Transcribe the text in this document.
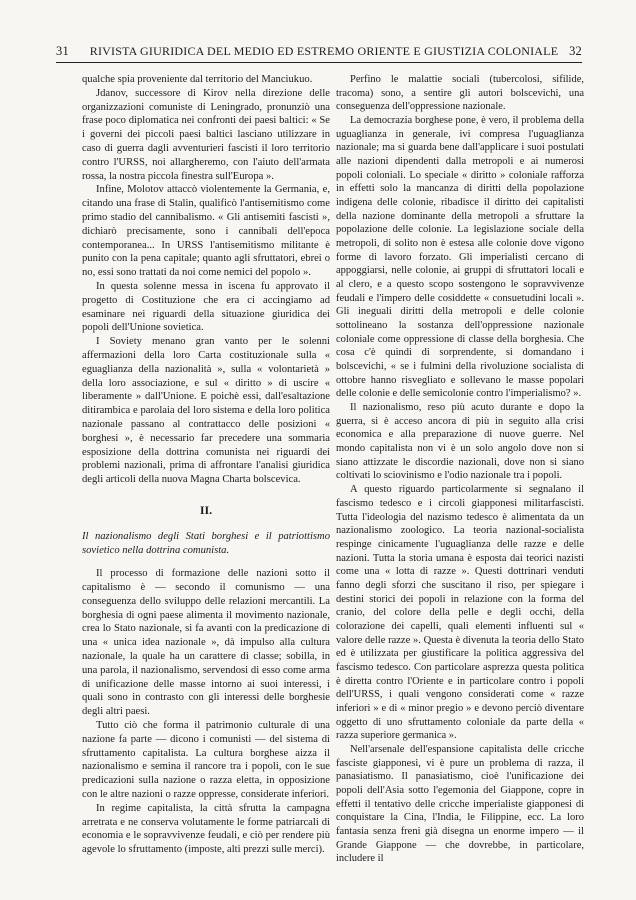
31 RIVISTA GIURIDICA DEL MEDIO ED ESTREMO ORIENTE E GIUSTIZIA COLONIALE 32

qualche spia proveniente dal territorio del Manciukuo.

Jdanov, successore di Kirov nella direzione delle organizzazioni comuniste di Leningrado, pronunziò una frase poco diplomatica nei confronti dei paesi baltici: « Se i governi dei piccoli paesi baltici lasciano utilizzare in caso di guerra dagli avventurieri fascisti il loro territorio contro l'URSS, noi allargheremo, con l'aiuto dell'armata rossa, la nostra piccola finestra sull'Europa ».

Infine, Molotov attaccò violentemente la Germania, e, citando una frase di Stalin, qualificò l'antisemitismo come primo stadio del cannibalismo. « Gli antisemiti fascisti », dichiarò precisamente, sono i cannibali dell'epoca contemporanea... In URSS l'antisemitismo militante è punito con la pena capitale; quanto agli sfruttatori, ebrei o no, essi sono trattati da noi come nemici del popolo ».

In questa solenne messa in iscena fu approvato il progetto di Costituzione che era ci accingiamo ad esaminare nei riguardi della situazione giuridica dei popoli dell'Unione sovietica.

I Soviety menano gran vanto per le solenni affermazioni della loro Carta costituzionale sulla « eguaglianza della nazionalità », sulla « volontarietà » della loro associazione, e sul « diritto » di uscire « liberamente » dall'Unione. E poichè essi, dall'esaltazione ditirambica e parolaia del loro sistema e della loro politica nazionale passano al contrattacco delle posizioni « borghesi », è necessario far precedere una sommaria esposizione della dottrina comunista nei riguardi dei problemi nazionali, prima di affrontare l'analisi giuridica degli articoli della nuova Magna Charta bolscevica.

II.

Il nazionalismo degli Stati borghesi e il patriottismo sovietico nella dottrina comunista.

Il processo di formazione delle nazioni sotto il capitalismo è — secondo il comunismo — una conseguenza dello sviluppo delle relazioni mercantili. La borghesia di ogni paese alimenta il movimento nazionale, crea lo Stato nazionale, si fa avanti con la predicazione di una « unica idea nazionale », dà impulso alla cultura nazionale, la quale ha un carattere di classe; sobilla, in una parola, il nazionalismo, servendosi di esso come arma di unificazione delle masse intorno ai suoi interessi, i quali sono in contrasto con gli interessi delle borghesie degli altri paesi.

Tutto ciò che forma il patrimonio culturale di una nazione fa parte — dicono i comunisti — del sistema di sfruttamento capitalista. La cultura borghese aizza il nazionalismo e semina il rancore tra i popoli, con le sue predicazioni sulla nazione o razza eletta, in opposizione con le altre nazioni o razze oppresse, considerate inferiori.

In regime capitalista, la città sfrutta la campagna arretrata e ne conserva volutamente le forme patriarcali di economia e le sopravvivenze feudali, e ciò per rendere più agevole lo sfruttamento (imposte, alti prezzi sulle merci).

Perfino le malattie sociali (tubercolosi, sifilide, tracoma) sono, a sentire gli autori bolscevichi, una conseguenza dell'oppressione nazionale.

La democrazia borghese pone, è vero, il problema della uguaglianza in generale, ivi compresa l'uguaglianza nazionale; ma si guarda bene dall'applicare i suoi postulati alle nazioni dipendenti dalla metropoli e ai numerosi popoli coloniali. Lo speciale « diritto » coloniale rafforza in effetti solo la mancanza di diritti della popolazione indigena delle colonie, ribadisce il diritto dei capitalisti della nazione dominante della metropoli a sfruttare la popolazione delle colonie. La legislazione sociale della metropoli, di solito non è estesa alle colonie dove vigono forme di lavoro forzato. Gli imperialisti cercano di appoggiarsi, nelle colonie, ai gruppi di sfruttatori locali e al clero, e a questo scopo sostengono le sopravvivenze feudali e l'impero delle cosiddette « consuetudini locali ». Gli ineguali diritti della metropoli e delle colonie sottolineano la sostanza dell'oppressione nazionale coloniale come oppressione di classe della borghesia. Che cosa c'è quindi di sorprendente, si domandano i bolscevichi, « se i fulmini della rivoluzione socialista di ottobre hanno risvegliato e sollevano le masse popolari delle colonie e delle semicolonie contro l'imperialismo? ».

Il nazionalismo, reso più acuto durante e dopo la guerra, si è acceso ancora di più in seguito alla crisi economica e alla preparazione di nuove guerre. Nel mondo capitalista non vi è un solo angolo dove non si siano attizzate le discordie nazionali, dove non si siano coltivati lo sciovinismo e l'odio nazionale tra i popoli.

A questo riguardo particolarmente si segnalano il fascismo tedesco e i circoli giapponesi militarfascisti. Tutta l'ideologia del nazismo tedesco è alimentata da un nazionalismo zoologico. La teoria nazional-socialista respinge cinicamente l'uguaglianza delle razze e delle nazioni. Tutta la storia umana è esposta dai teorici nazisti come una « lotta di razze ». Questi dottrinari venduti fanno degli sforzi che suscitano il riso, per spiegare i destini storici dei popoli in relazione con la forma del cranio, del colore della pelle e degli occhi, della colorazione dei capelli, quali elementi influenti sul « valore delle razze ». Questa è divenuta la teoria dello Stato ed è utilizzata per giustificare la politica aggressiva del fascismo tedesco. Con particolare asprezza questa politica è diretta contro l'Oriente e in particolare contro i popoli dell'URSS, i quali vengono considerati come « razze inferiori » e di « minor pregio » e devono perciò diventare oggetto di uno sfruttamento coloniale da parte della « razza superiore germanica ».

Nell'arsenale dell'espansione capitalista delle cricche fasciste giapponesi, vi è pure un problema di razza, il panasiatismo. Il panasiatismo, cioè l'unificazione dei popoli dell'Asia sotto l'egemonia del Giappone, copre in effetti il tentativo delle cricche imperialiste giapponesi di conquistare la Cina, l'India, le Filippine, ecc. La loro fantasia senza freni già disegna un enorme impero — il Grande Giappone — che dovrebbe, in particolare, includere il
